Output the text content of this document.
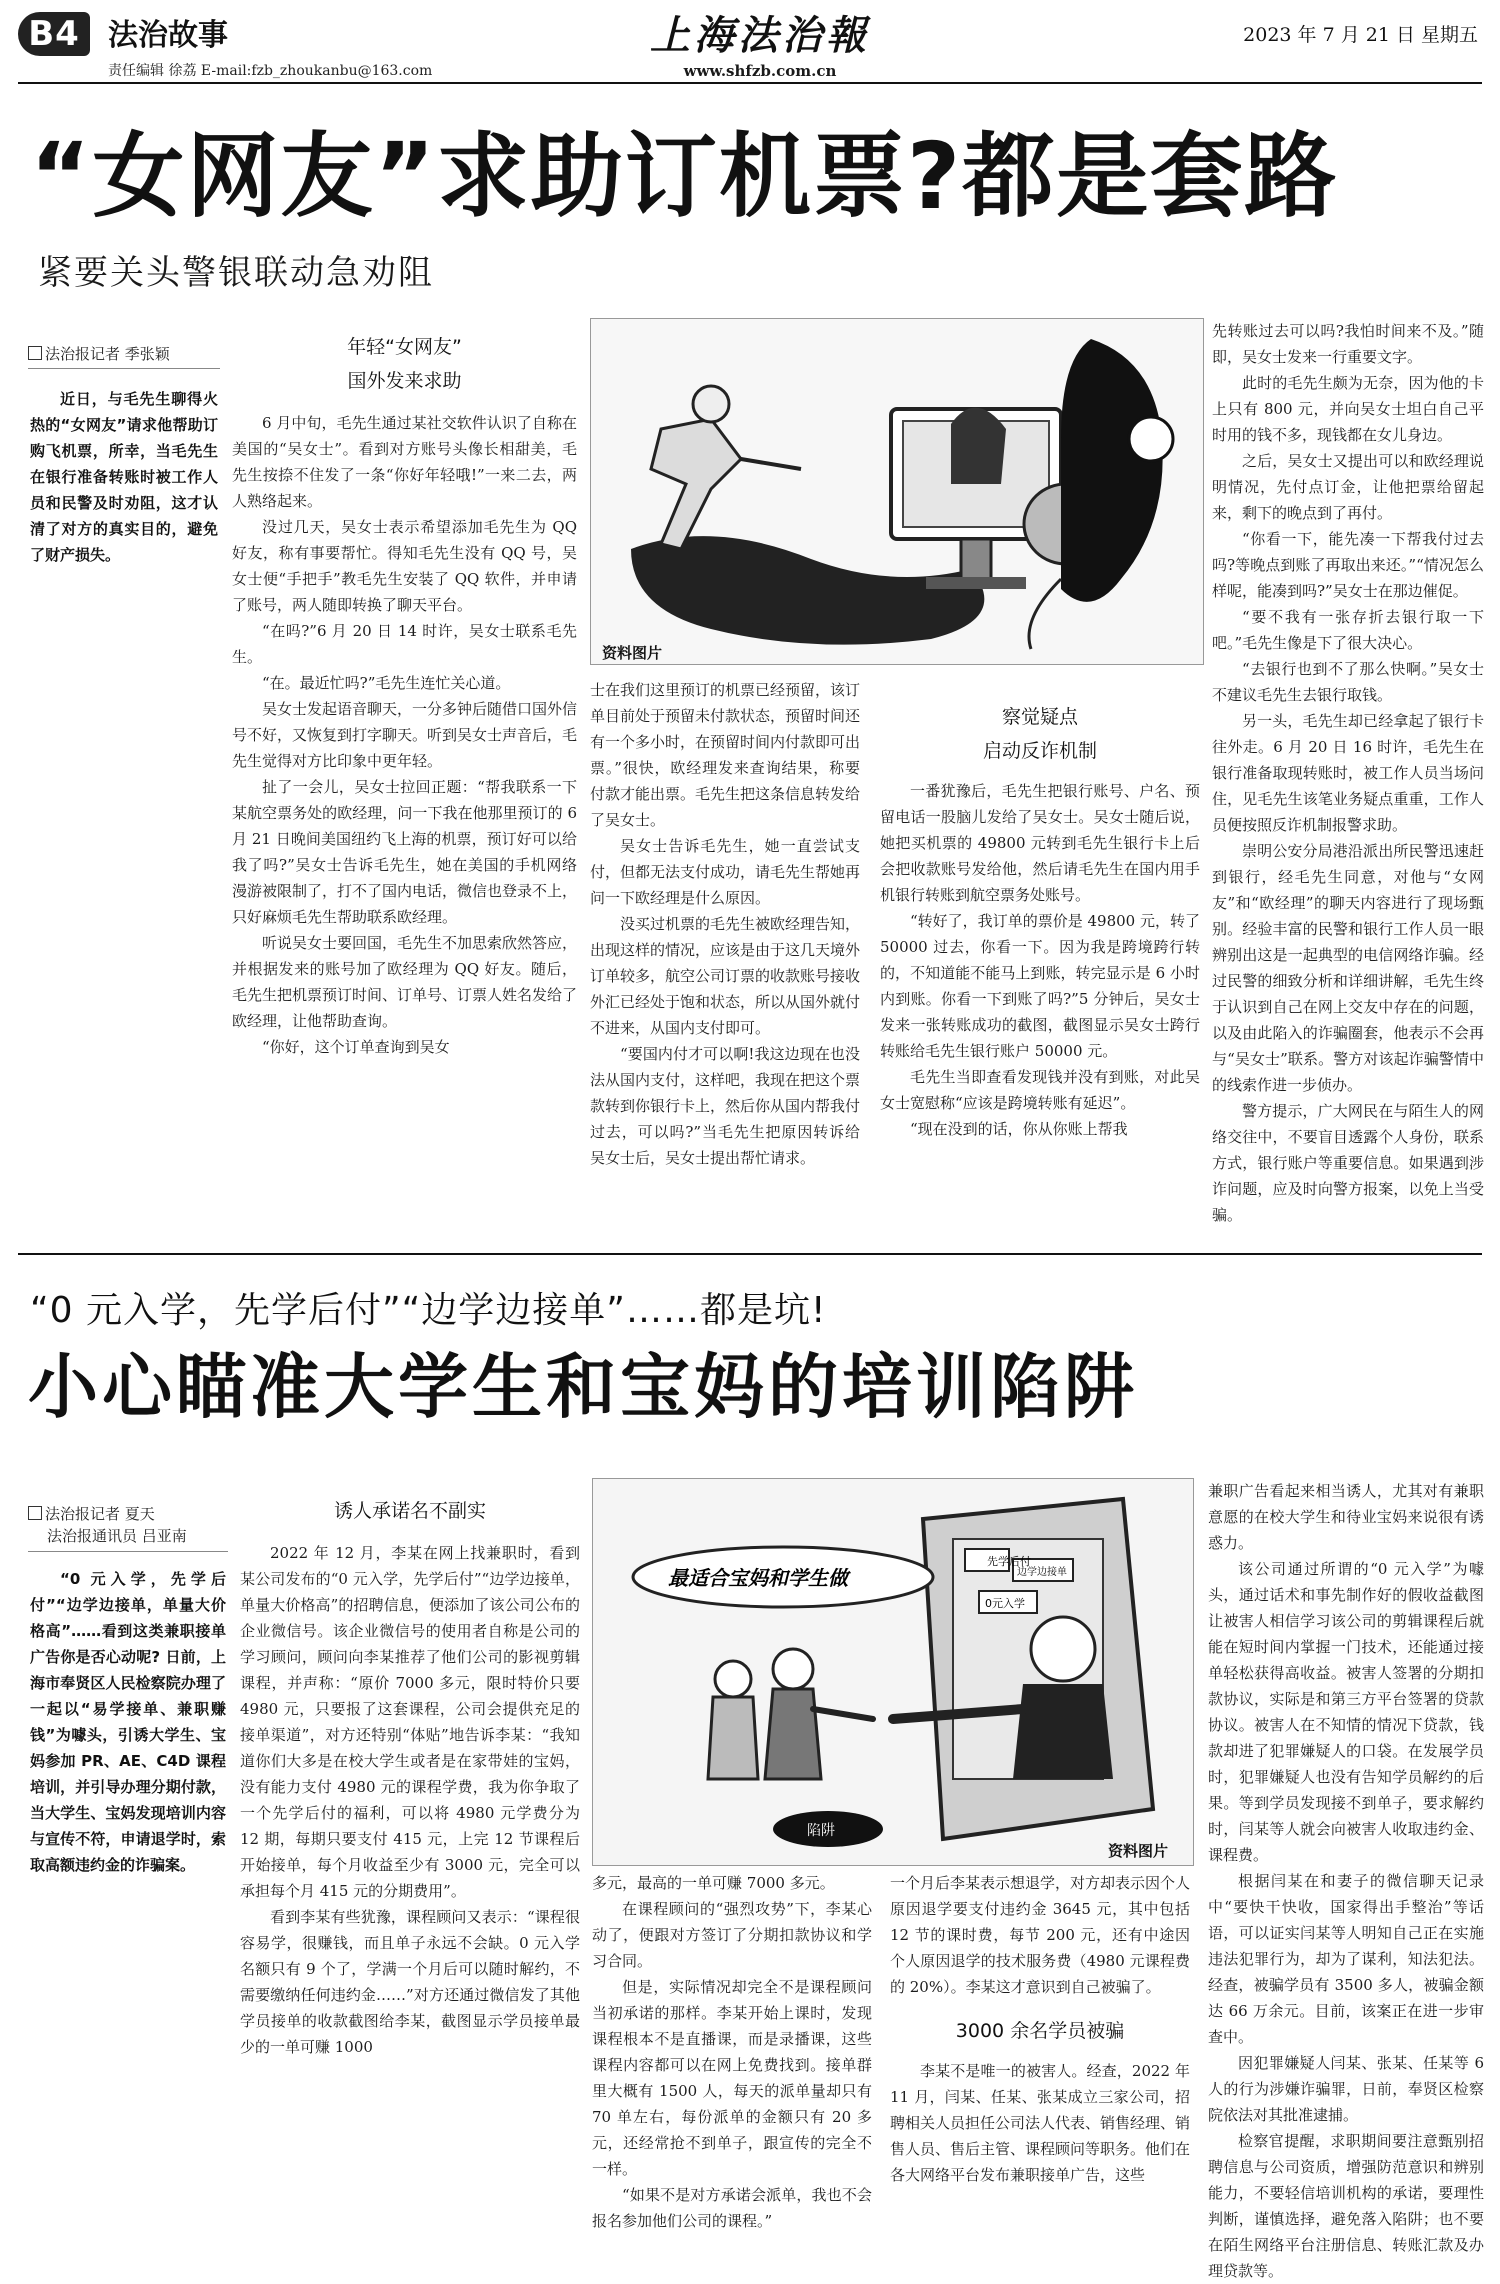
B4 法治故事
责任编辑 徐荔 E-mail:fzb_zhoukanbu@163.com
上海法治報
www.shfzb.com.cn
2023 年 7 月 21 日 星期五
“女网友”求助订机票?都是套路
紧要关头警银联动急劝阻
法治报记者 季张颖
近日，与毛先生聊得火热的“女网友”请求他帮助订购飞机票，所幸，当毛先生在银行准备转账时被工作人员和民警及时劝阻，这才认清了对方的真实目的，避免了财产损失。
年轻“女网友”
国外发来求助

6 月中旬，毛先生通过某社交软件认识了自称在美国的“吴女士”。看到对方账号头像长相甜美，毛先生按捺不住发了一条“你好年轻哦!”一来二去，两人熟络起来。

没过几天，吴女士表示希望添加毛先生为 QQ 好友，称有事要帮忙。得知毛先生没有 QQ 号，吴女士便“手把手”教毛先生安装了 QQ 软件，并申请了账号，两人随即转换了聊天平台。

“在吗?”6 月 20 日 14 时许，吴女士联系毛先生。

“在。最近忙吗?”毛先生连忙关心道。

吴女士发起语音聊天，一分多钟后随借口国外信号不好，又恢复到打字聊天。听到吴女士声音后，毛先生觉得对方比印象中更年轻。

扯了一会儿，吴女士拉回正题：“帮我联系一下某航空票务处的欧经理，问一下我在他那里预订的 6 月 21 日晚间美国纽约飞上海的机票，预订好可以给我了吗?”吴女士告诉毛先生，她在美国的手机网络漫游被限制了，打不了国内电话，微信也登录不上，只好麻烦毛先生帮助联系欧经理。

听说吴女士要回国，毛先生不加思索欣然答应，并根据发来的账号加了欧经理为 QQ 好友。随后，毛先生把机票预订时间、订单号、订票人姓名发给了欧经理，让他帮助查询。

“你好，这个订单查询到吴女

资料图片

士在我们这里预订的机票已经预留，该订单目前处于预留未付款状态，预留时间还有一个多小时，在预留时间内付款即可出票。”很快，欧经理发来查询结果，称要付款才能出票。毛先生把这条信息转发给了吴女士。

吴女士告诉毛先生，她一直尝试支付，但都无法支付成功，请毛先生帮她再问一下欧经理是什么原因。

没买过机票的毛先生被欧经理告知，出现这样的情况，应该是由于这几天境外订单较多，航空公司订票的收款账号接收外汇已经处于饱和状态，所以从国外就付不进来，从国内支付即可。

“要国内付才可以啊!我这边现在也没法从国内支付，这样吧，我现在把这个票款转到你银行卡上，然后你从国内帮我付过去，可以吗?”当毛先生把原因转诉给吴女士后，吴女士提出帮忙请求。

察觉疑点
启动反诈机制

一番犹豫后，毛先生把银行账号、户名、预留电话一股脑儿发给了吴女士。吴女士随后说，她把买机票的 49800 元转到毛先生银行卡上后会把收款账号发给他，然后请毛先生在国内用手机银行转账到航空票务处账号。

“转好了，我订单的票价是 49800 元，转了 50000 过去，你看一下。因为我是跨境跨行转的，不知道能不能马上到账，转完显示是 6 小时内到账。你看一下到账了吗?”5 分钟后，吴女士发来一张转账成功的截图，截图显示吴女士跨行转账给毛先生银行账户 50000 元。

毛先生当即查看发现钱并没有到账，对此吴女士宽慰称“应该是跨境转账有延迟”。

“现在没到的话，你从你账上帮我

先转账过去可以吗?我怕时间来不及。”随即，吴女士发来一行重要文字。

此时的毛先生颇为无奈，因为他的卡上只有 800 元，并向吴女士坦白自己平时用的钱不多，现钱都在女儿身边。

之后，吴女士又提出可以和欧经理说明情况，先付点订金，让他把票给留起来，剩下的晚点到了再付。

“你看一下，能先凑一下帮我付过去吗?等晚点到账了再取出来还。”“情况怎么样呢，能凑到吗?”吴女士在那边催促。

“要不我有一张存折去银行取一下吧。”毛先生像是下了很大决心。

“去银行也到不了那么快啊。”吴女士不建议毛先生去银行取钱。

另一头，毛先生却已经拿起了银行卡往外走。6 月 20 日 16 时许，毛先生在银行准备取现转账时，被工作人员当场问住，见毛先生该笔业务疑点重重，工作人员便按照反诈机制报警求助。

崇明公安分局港沿派出所民警迅速赶到银行，经毛先生同意，对他与“女网友”和“欧经理”的聊天内容进行了现场甄别。经验丰富的民警和银行工作人员一眼辨别出这是一起典型的电信网络诈骗。经过民警的细致分析和详细讲解，毛先生终于认识到自己在网上交友中存在的问题，以及由此陷入的诈骗圈套，他表示不会再与“吴女士”联系。警方对该起诈骗警情中的线索作进一步侦办。

警方提示，广大网民在与陌生人的网络交往中，不要盲目透露个人身份，联系方式，银行账户等重要信息。如果遇到涉诈问题，应及时向警方报案，以免上当受骗。

“0 元入学，先学后付”“边学边接单”……都是坑!
小心瞄准大学生和宝妈的培训陷阱
法治报记者 夏天
法治报通讯员 吕亚南
“0 元入学，先学后付”“边学边接单，单量大价格高”……看到这类兼职接单广告你是否心动呢? 日前，上海市奉贤区人民检察院办理了一起以“易学接单、兼职赚钱”为噱头，引诱大学生、宝妈参加 PR、AE、C4D 课程培训，并引导办理分期付款，当大学生、宝妈发现培训内容与宣传不符，申请退学时，索取高额违约金的诈骗案。
诱人承诺名不副实

2022 年 12 月，李某在网上找兼职时，看到某公司发布的“0 元入学，先学后付”“边学边接单，单量大价格高”的招聘信息，便添加了该公司公布的企业微信号。该企业微信号的使用者自称是公司的学习顾问，顾问向李某推荐了他们公司的影视剪辑课程，并声称：“原价 7000 多元，限时特价只要 4980 元，只要报了这套课程，公司会提供充足的接单渠道”，对方还特别“体贴”地告诉李某：“我知道你们大多是在校大学生或者是在家带娃的宝妈，没有能力支付 4980 元的课程学费，我为你争取了一个先学后付的福利，可以将 4980 元学费分为 12 期，每期只要支付 415 元，上完 12 节课程后开始接单，每个月收益至少有 3000 元，完全可以承担每个月 415 元的分期费用”。

看到李某有些犹豫，课程顾问又表示：“课程很容易学，很赚钱，而且单子永远不会缺。0 元入学名额只有 9 个了，学满一个月后可以随时解约，不需要缴纳任何违约金……”对方还通过微信发了其他学员接单的收款截图给李某，截图显示学员接单最少的一单可赚 1000

先学后付
边学边接单
0元入学
最适合宝妈和学生做
陷阱
资料图片

多元，最高的一单可赚 7000 多元。

在课程顾问的“强烈攻势”下，李某心动了，便跟对方签订了分期扣款协议和学习合同。

但是，实际情况却完全不是课程顾问当初承诺的那样。李某开始上课时，发现课程根本不是直播课，而是录播课，这些课程内容都可以在网上免费找到。接单群里大概有 1500 人，每天的派单量却只有 70 单左右，每份派单的金额只有 20 多元，还经常抢不到单子，跟宣传的完全不一样。

“如果不是对方承诺会派单，我也不会报名参加他们公司的课程。”

一个月后李某表示想退学，对方却表示因个人原因退学要支付违约金 3645 元，其中包括 12 节的课时费，每节 200 元，还有中途因个人原因退学的技术服务费（4980 元课程费的 20%）。李某这才意识到自己被骗了。

3000 余名学员被骗

李某不是唯一的被害人。经查，2022 年 11 月，闫某、任某、张某成立三家公司，招聘相关人员担任公司法人代表、销售经理、销售人员、售后主管、课程顾问等职务。他们在各大网络平台发布兼职接单广告，这些

兼职广告看起来相当诱人，尤其对有兼职意愿的在校大学生和待业宝妈来说很有诱惑力。

该公司通过所谓的“0 元入学”为噱头，通过话术和事先制作好的假收益截图让被害人相信学习该公司的剪辑课程后就能在短时间内掌握一门技术，还能通过接单轻松获得高收益。被害人签署的分期扣款协议，实际是和第三方平台签署的贷款协议。被害人在不知情的情况下贷款，钱款却进了犯罪嫌疑人的口袋。在发展学员时，犯罪嫌疑人也没有告知学员解约的后果。等到学员发现接不到单子，要求解约时，闫某等人就会向被害人收取违约金、课程费。

根据闫某在和妻子的微信聊天记录中“要快干快收，国家得出手整治”等话语，可以证实闫某等人明知自己正在实施违法犯罪行为，却为了谋利，知法犯法。经查，被骗学员有 3500 多人，被骗金额达 66 万余元。目前，该案正在进一步审查中。

因犯罪嫌疑人闫某、张某、任某等 6 人的行为涉嫌诈骗罪，日前，奉贤区检察院依法对其批准逮捕。

检察官提醒，求职期间要注意甄别招聘信息与公司资质，增强防范意识和辨别能力，不要轻信培训机构的承诺，要理性判断，谨慎选择，避免落入陷阱；也不要在陌生网络平台注册信息、转账汇款及办理贷款等。
